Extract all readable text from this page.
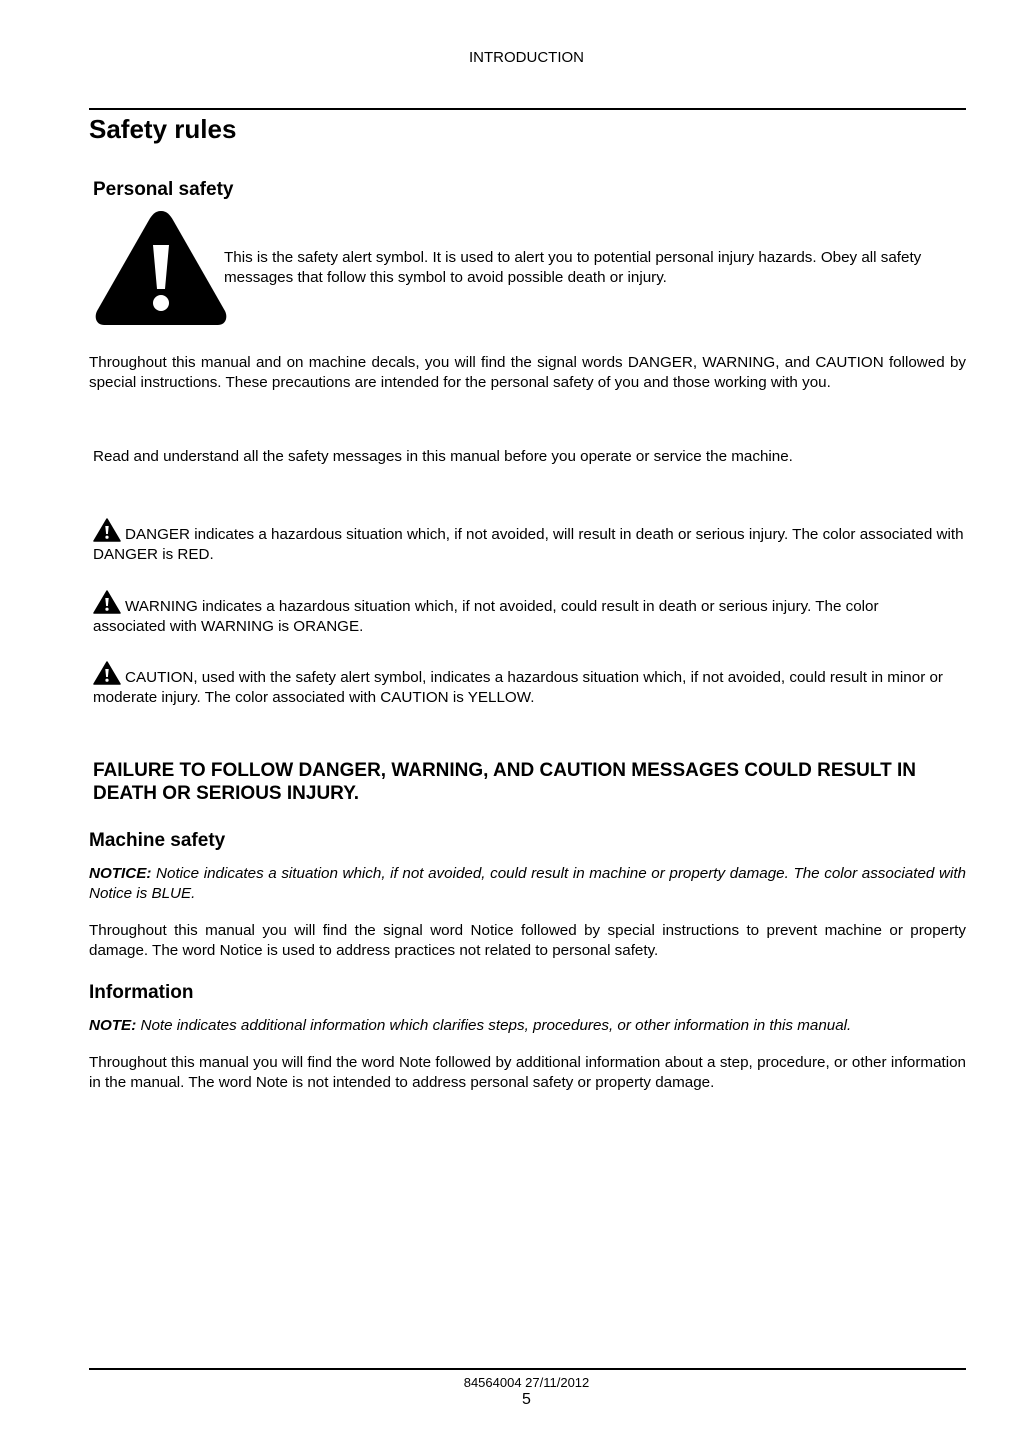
INTRODUCTION
Safety rules
Personal safety
This is the safety alert symbol. It is used to alert you to potential personal injury hazards. Obey all safety messages that follow this symbol to avoid possible death or injury.
Throughout this manual and on machine decals, you will find the signal words DANGER, WARNING, and CAUTION followed by special instructions. These precautions are intended for the personal safety of you and those working with you.
Read and understand all the safety messages in this manual before you operate or service the machine.
DANGER indicates a hazardous situation which, if not avoided, will result in death or serious injury. The color associated with DANGER is RED.
WARNING indicates a hazardous situation which, if not avoided, could result in death or serious injury. The color associated with WARNING is ORANGE.
CAUTION, used with the safety alert symbol, indicates a hazardous situation which, if not avoided, could result in minor or moderate injury. The color associated with CAUTION is YELLOW.
FAILURE TO FOLLOW DANGER, WARNING, AND CAUTION MESSAGES COULD RESULT IN DEATH OR SERIOUS INJURY.
Machine safety
NOTICE: Notice indicates a situation which, if not avoided, could result in machine or property damage. The color associated with Notice is BLUE.
Throughout this manual you will find the signal word Notice followed by special instructions to prevent machine or property damage. The word Notice is used to address practices not related to personal safety.
Information
NOTE: Note indicates additional information which clarifies steps, procedures, or other information in this manual.
Throughout this manual you will find the word Note followed by additional information about a step, procedure, or other information in the manual. The word Note is not intended to address personal safety or property damage.
84564004 27/11/2012
5
